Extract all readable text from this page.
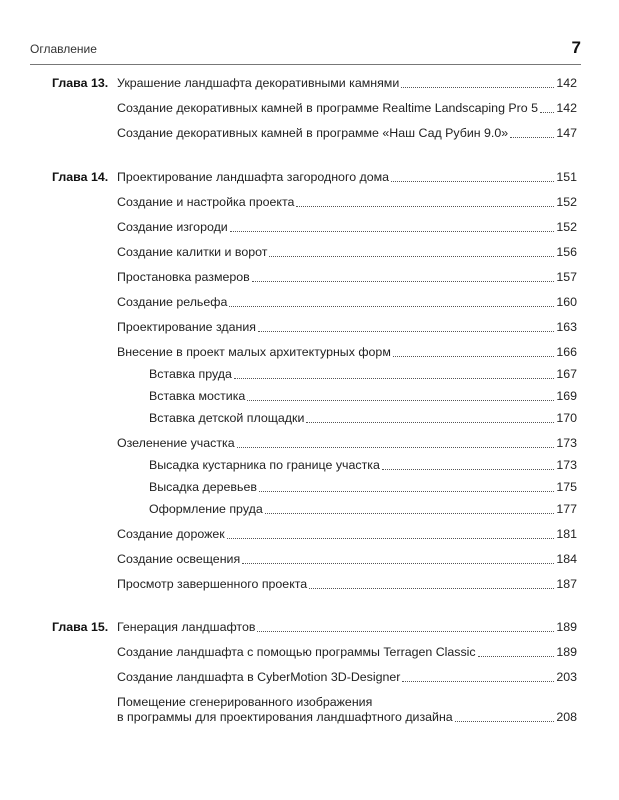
Оглавление	7
Глава 13. Украшение ландшафта декоративными камнями	142
Создание декоративных камней в программе Realtime Landscaping Pro 5 142
Создание декоративных камней в программе «Наш Сад Рубин 9.0»	147
Глава 14. Проектирование ландшафта загородного дома	151
Создание и настройка проекта	152
Создание изгороди	152
Создание калитки и ворот	156
Простановка размеров	157
Создание рельефа	160
Проектирование здания	163
Внесение в проект малых архитектурных форм	166
Вставка пруда	167
Вставка мостика	169
Вставка детской площадки	170
Озеленение участка	173
Высадка кустарника по границе участка	173
Высадка деревьев	175
Оформление пруда	177
Создание дорожек	181
Создание освещения	184
Просмотр завершенного проекта	187
Глава 15. Генерация ландшафтов	189
Создание ландшафта с помощью программы Terragen Classic	189
Создание ландшафта в CyberMotion 3D-Designer	203
Помещение сгенерированного изображения
в программы для проектирования ландшафтного дизайна	208
